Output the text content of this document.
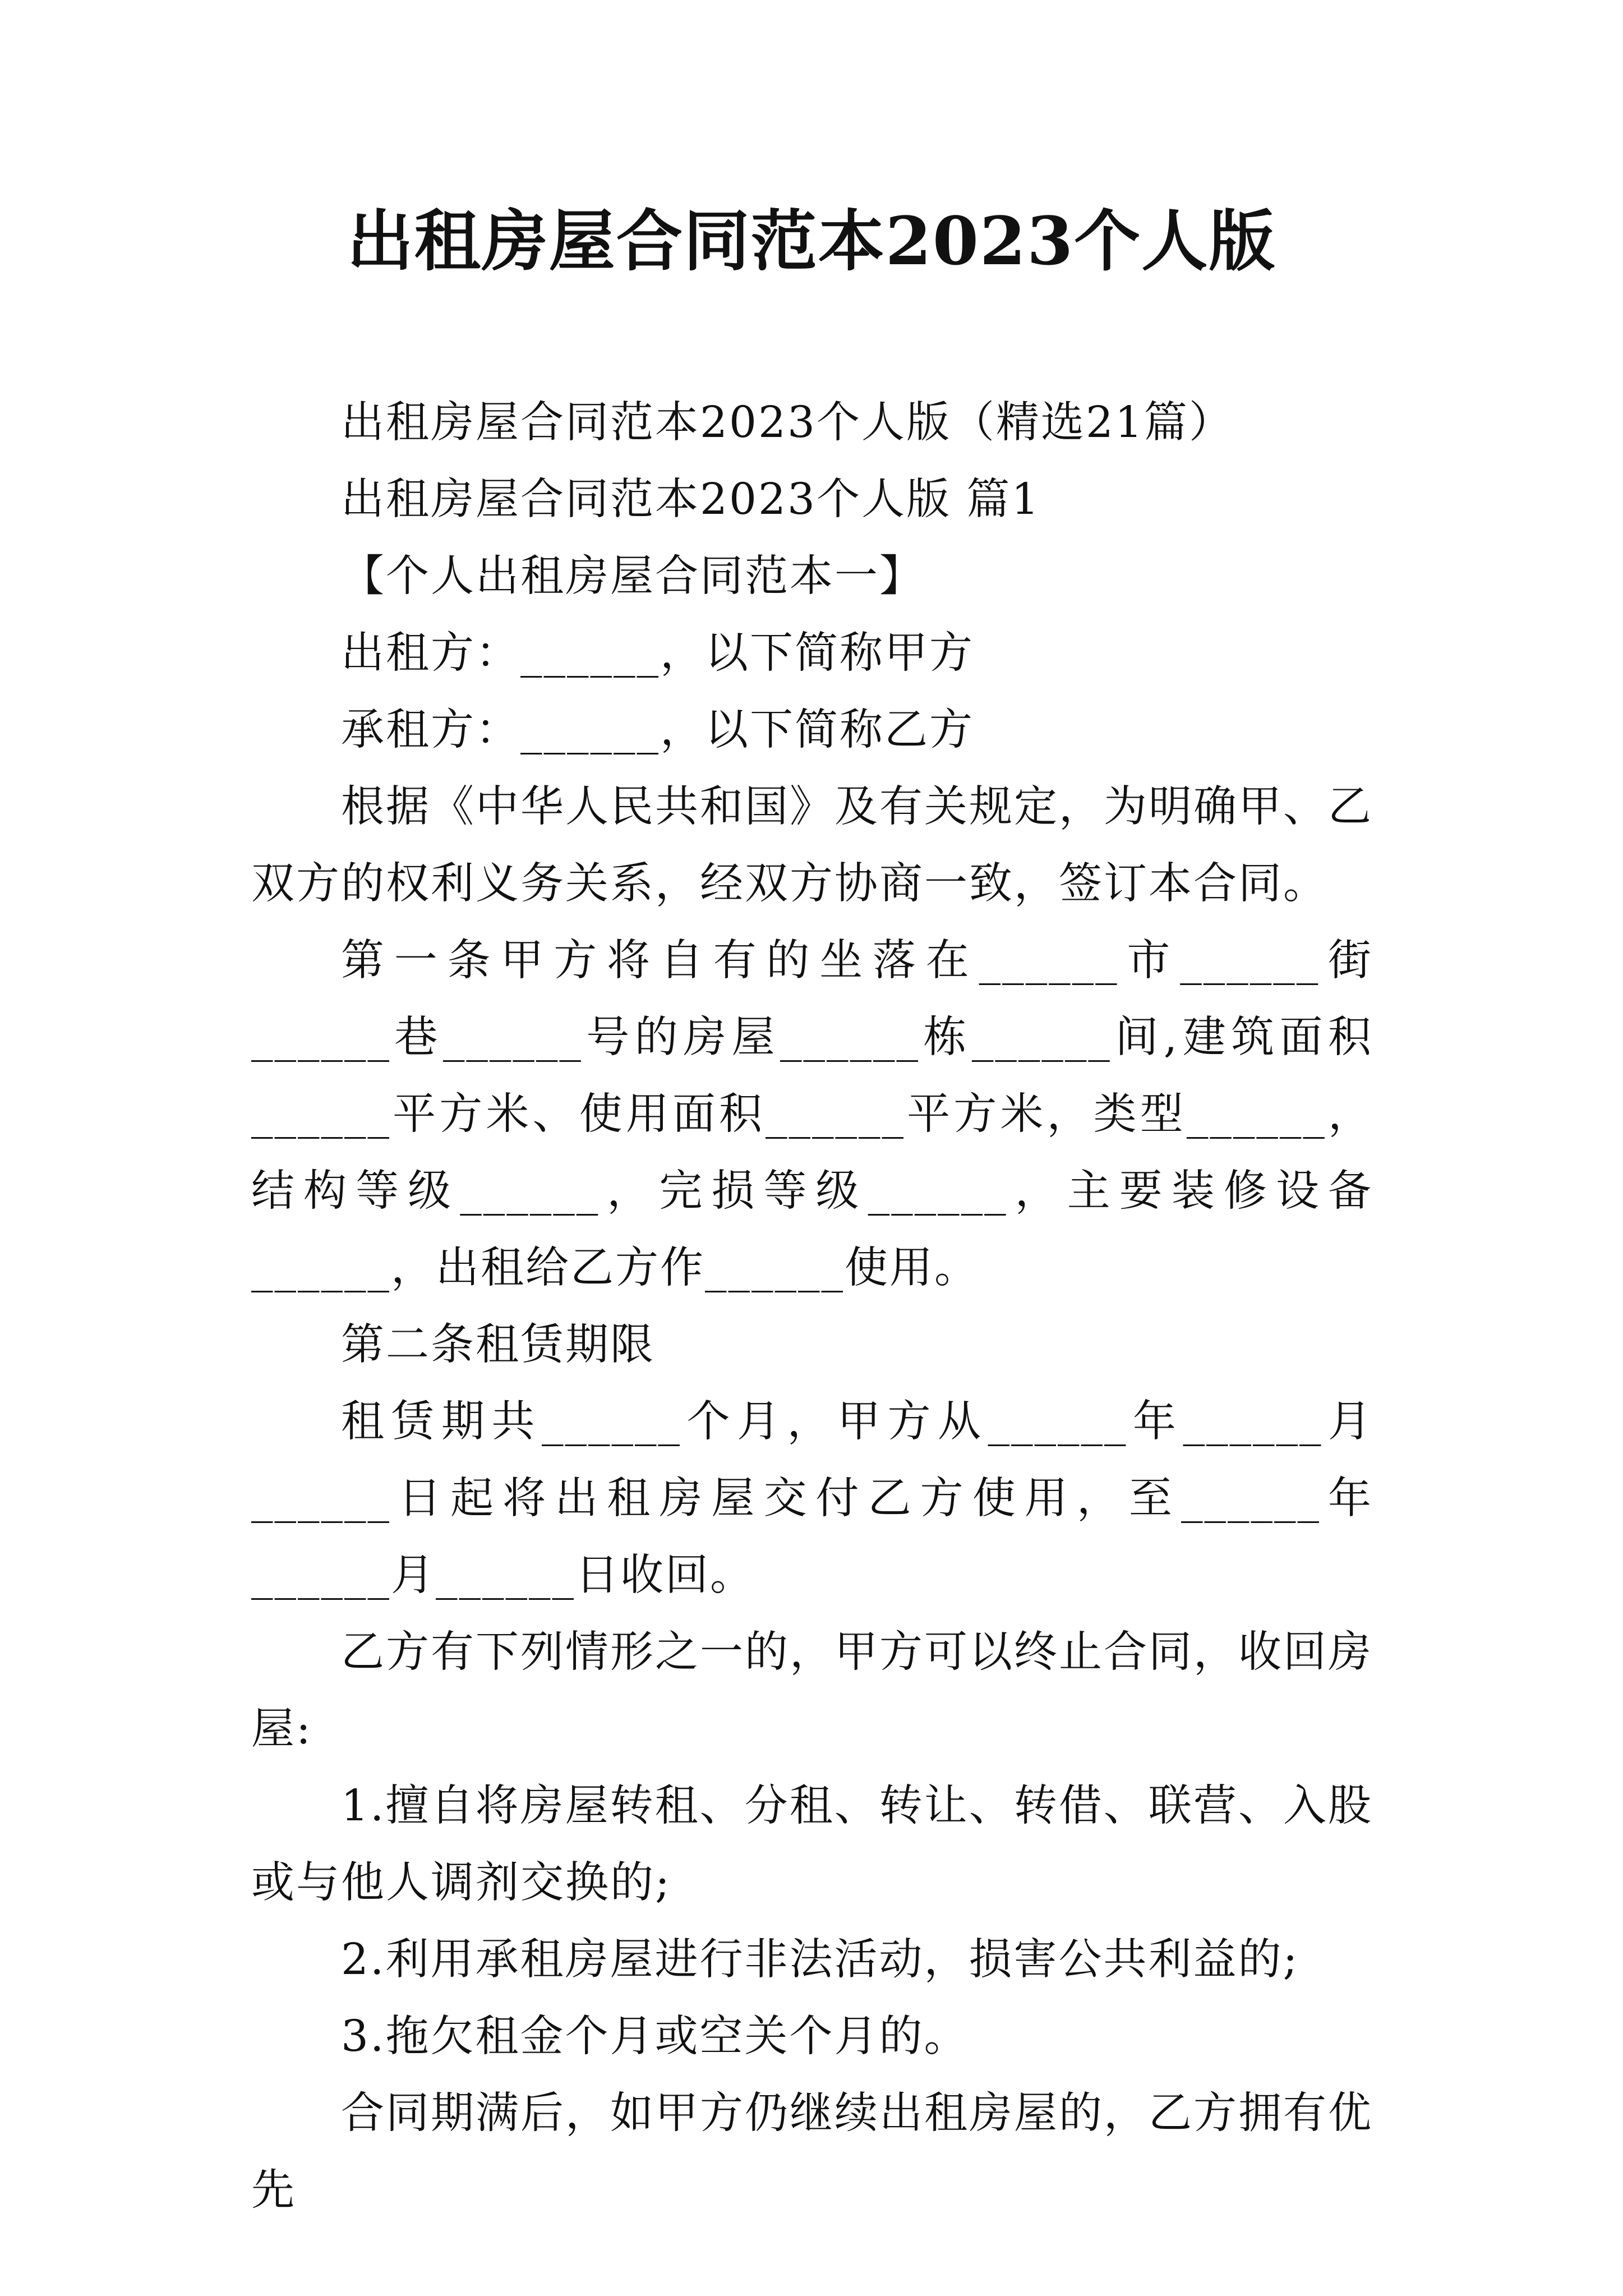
出租房屋合同范本2023个人版

出租房屋合同范本2023个人版（精选21篇）

出租房屋合同范本2023个人版 篇1

【个人出租房屋合同范本一】

出租方：______，以下简称甲方

承租方：______，以下简称乙方

根据《中华人民共和国》及有关规定，为明确甲、乙双方的权利义务关系，经双方协商一致，签订本合同。

第一条甲方将自有的坐落在______市______街______巷______号的房屋______栋______间,建筑面积______平方米、使用面积______平方米，类型______，结构等级______，完损等级______，主要装修设备______，出租给乙方作______使用。

第二条租赁期限

租赁期共______个月，甲方从______年______月______日起将出租房屋交付乙方使用，至______年______月______日收回。

乙方有下列情形之一的，甲方可以终止合同，收回房屋:

1.擅自将房屋转租、分租、转让、转借、联营、入股或与他人调剂交换的;

2.利用承租房屋进行非法活动，损害公共利益的;

3.拖欠租金个月或空关个月的。

合同期满后，如甲方仍继续出租房屋的，乙方拥有优先
